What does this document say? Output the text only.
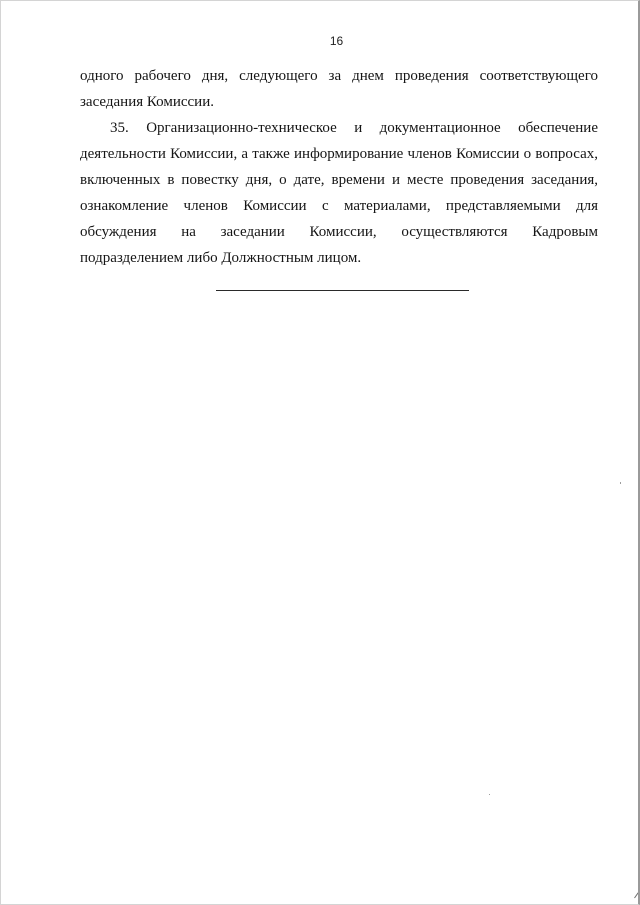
16
одного рабочего дня, следующего за днем проведения соответствующего
заседания Комиссии.
35. Организационно-техническое и документационное обеспечение
деятельности Комиссии, а также информирование членов Комиссии о вопросах,
включенных в повестку дня, о дате, времени и месте проведения заседания,
ознакомление членов Комиссии с материалами, представляемыми для
обсуждения на заседании Комиссии, осуществляются Кадровым
подразделением либо Должностным лицом.
